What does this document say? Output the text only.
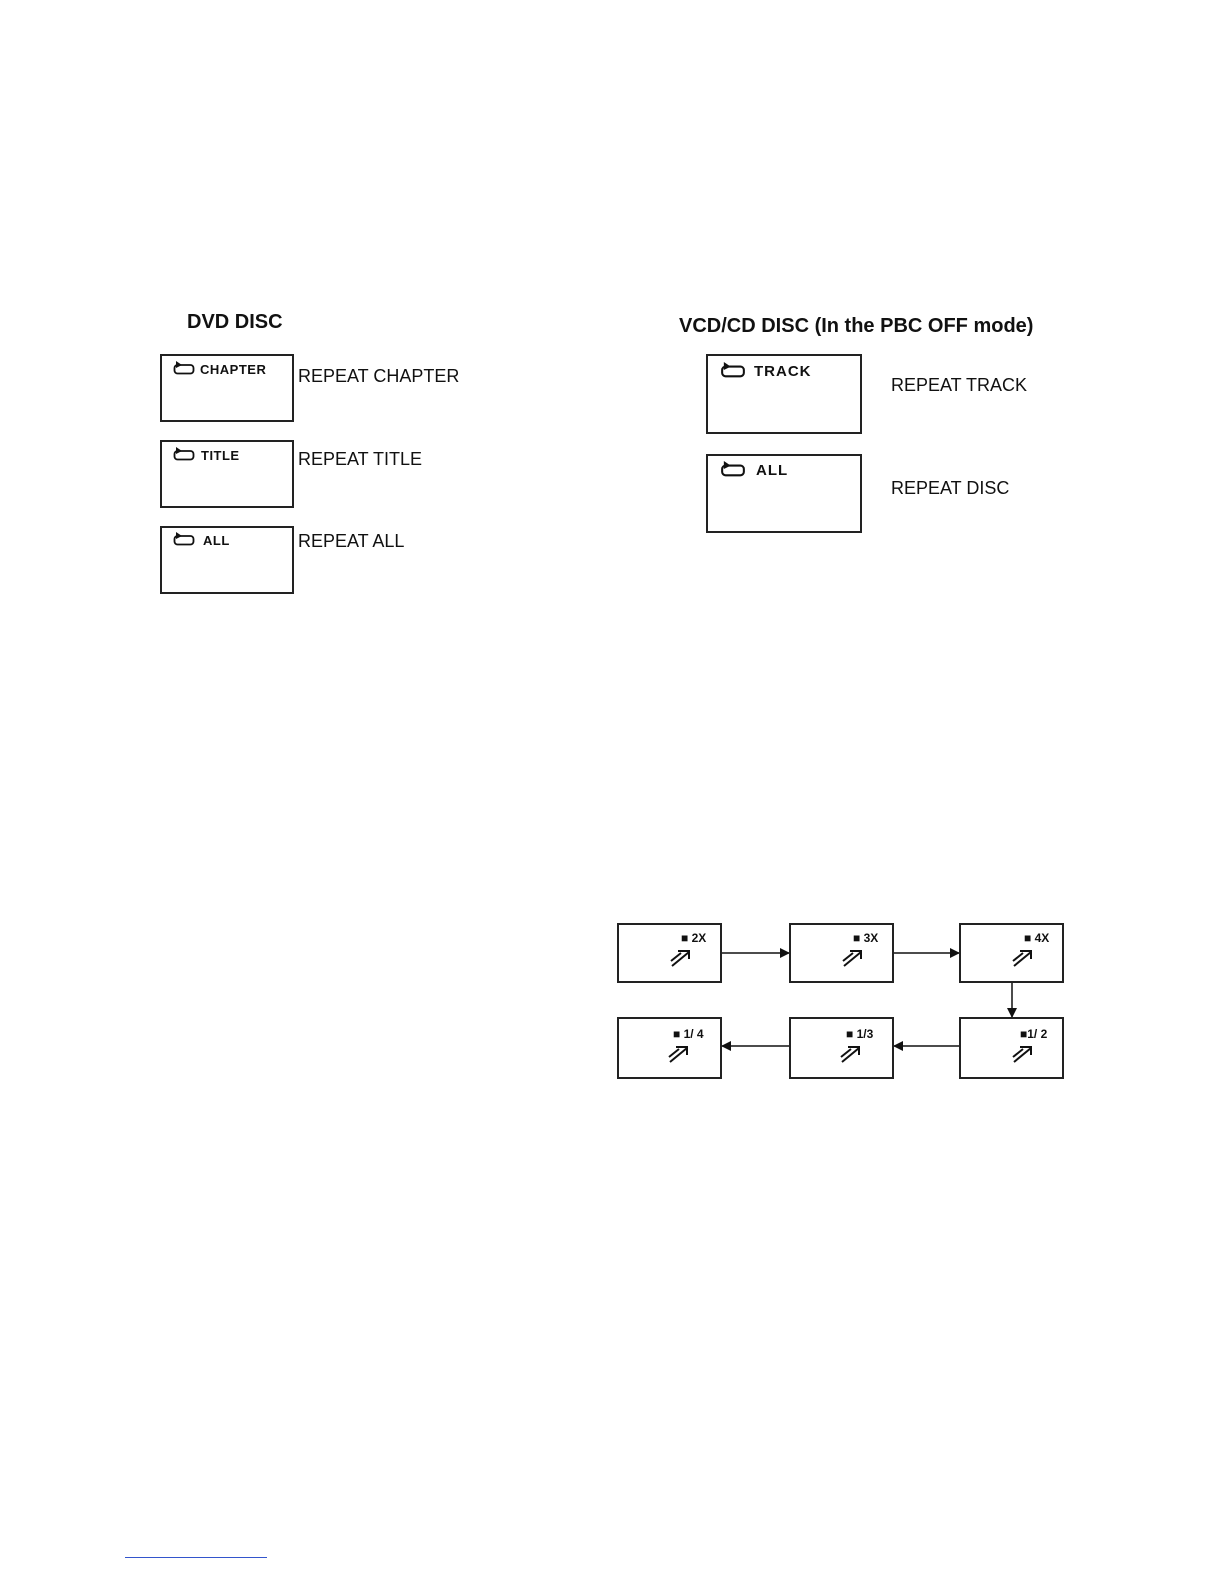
DVD DISC
CHAPTER REPEAT CHAPTER
TITLE	REPEAT TITLE
ALL	REPEAT ALL
VCD/CD DISC (In the PBC OFF mode)
TRACK
REPEAT TRACK
ALL
REPEAT DISC
■ 2X	■ 3X	■ 4X
■1/ 2
■ 1/3
■ 1/ 4
